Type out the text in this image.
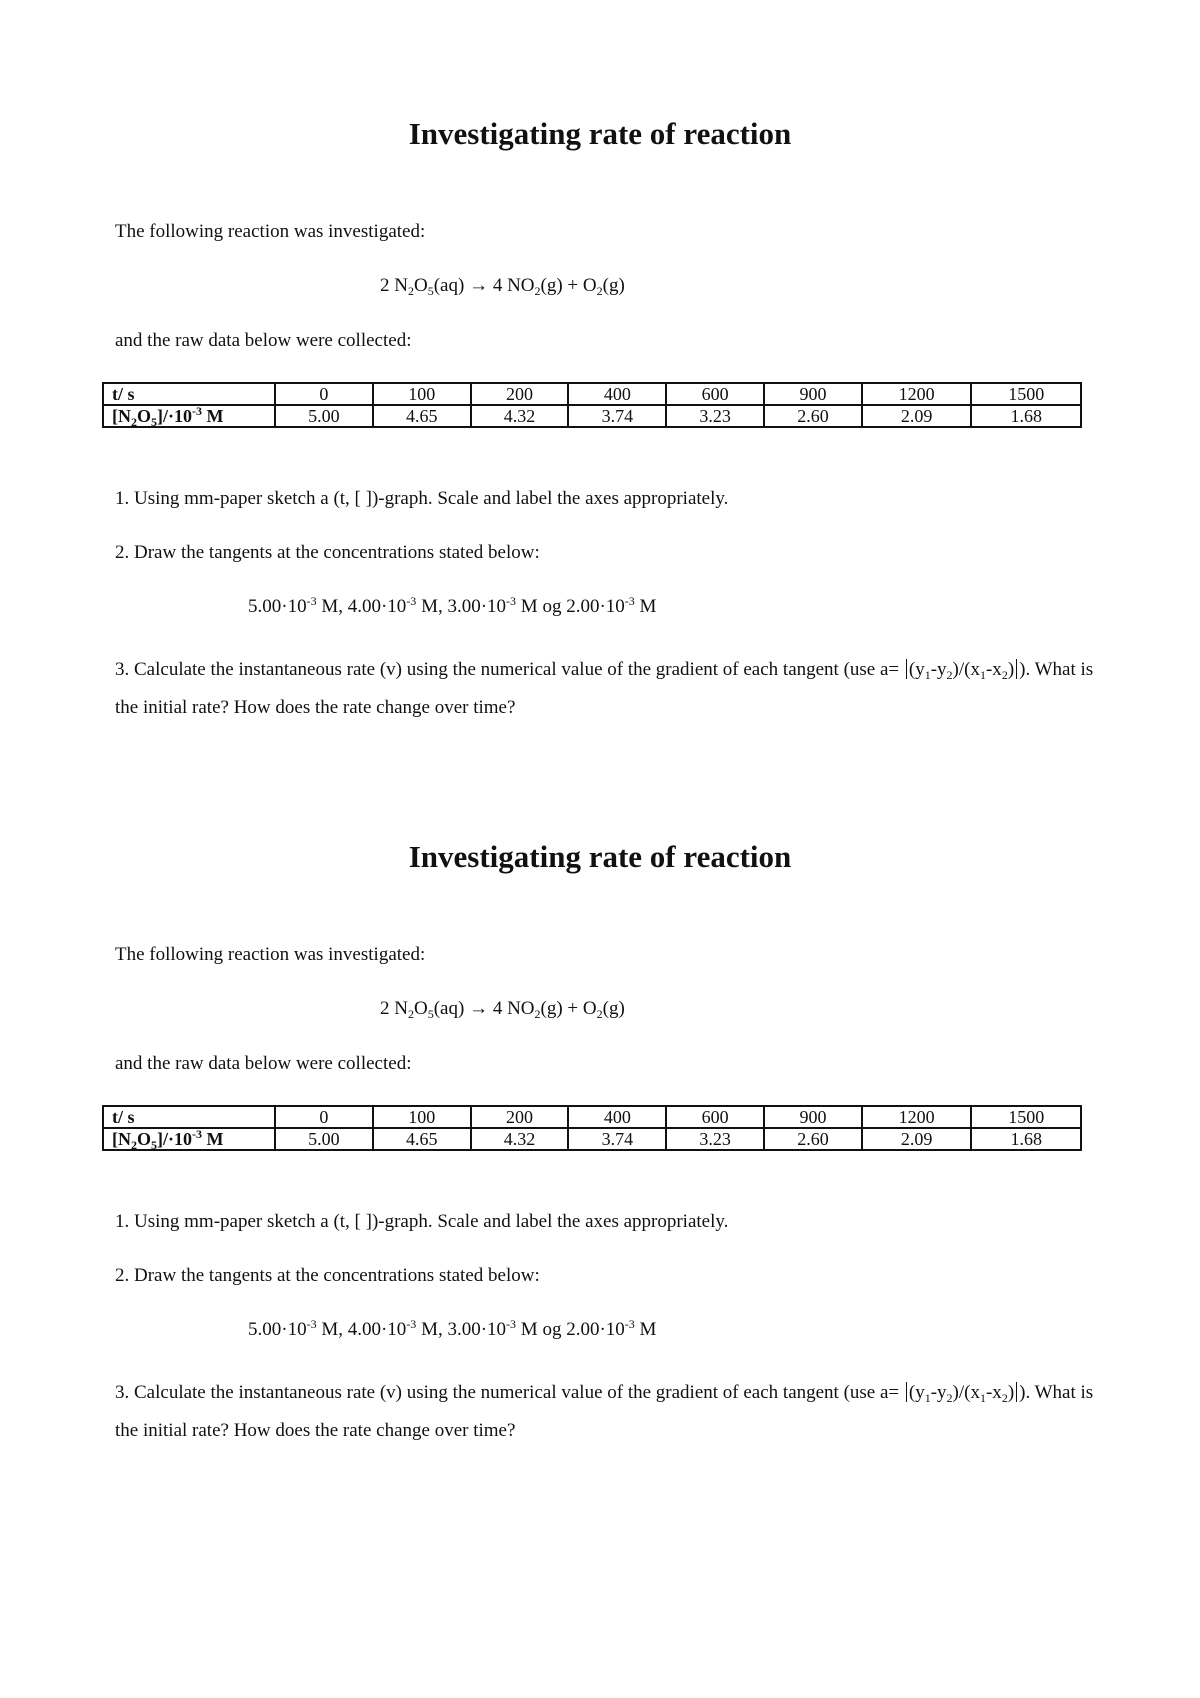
Investigating rate of reaction

The following reaction was investigated:

2 $N_2O_5(aq) \to 4$ $NO_2(g) + O_2(g)$

and the raw data below were collected:

t/ s	0	100	200	400	600	900	1200	1500
$[N_2O_5]/\cdot 10^{-3}$ M	5.00	4.65	4.32	3.74	3.23	2.60	2.09	1.68

1. Using mm-paper sketch a (t, [ ])-graph. Scale and label the axes appropriately.

2. Draw the tangents at the concentrations stated below:

$5.00\cdot 10^{-3}$ M, $4.00\cdot 10^{-3}$ M, $3.00\cdot 10^{-3}$ M og $2.00\cdot 10^{-3}$ M

3. Calculate the instantaneous rate (v) using the numerical value of the gradient of each tangent (use $a= (y_1-y_2)/(x_1-x_2)$ ). What is the initial rate? How does the rate change over time?

Investigating rate of reaction

The following reaction was investigated:

2 $N_2O_5(aq) \to 4$ $NO_2(g) + O_2(g)$

and the raw data below were collected:

t/ s	0	100	200	400	600	900	1200	1500
$[N_2O_5]/\cdot 10^{-3}$ M	5.00	4.65	4.32	3.74	3.23	2.60	2.09	1.68

1. Using mm-paper sketch a (t, [ ])-graph. Scale and label the axes appropriately.

2. Draw the tangents at the concentrations stated below:

$5.00\cdot 10^{-3}$ M, $4.00\cdot 10^{-3}$ M, $3.00\cdot 10^{-3}$ M og $2.00\cdot 10^{-3}$ M

3. Calculate the instantaneous rate (v) using the numerical value of the gradient of each tangent (use $a= (y_1-y_2)/(x_1-x_2)$ ). What is the initial rate? How does the rate change over time?
